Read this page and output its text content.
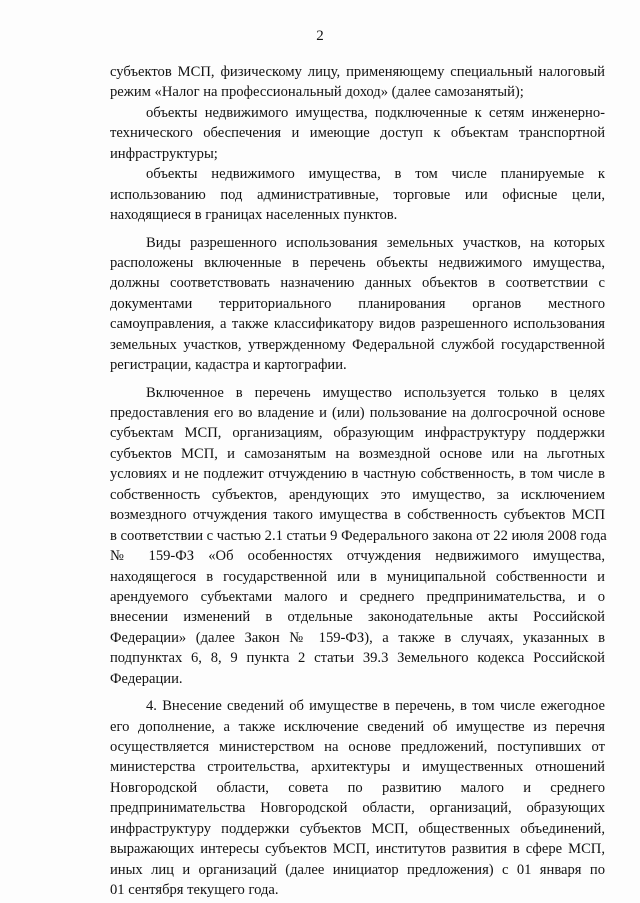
2
субъектов МСП, физическому лицу, применяющему специальный налоговый
режим «Налог на профессиональный доход» (далее самозанятый);
объекты недвижимого имущества, подключенные к сетям инженерно-
технического обеспечения и имеющие доступ к объектам транспортной
инфраструктуры;
объекты недвижимого имущества, в том числе планируемые к
использованию под административные, торговые или офисные цели,
находящиеся в границах населенных пунктов.
Виды разрешенного использования земельных участков, на которых
расположены включенные в перечень объекты недвижимого имущества,
должны соответствовать назначению данных объектов в соответствии с
документами территориального планирования органов местного
самоуправления, а также классификатору видов разрешенного использования
земельных участков, утвержденному Федеральной службой государственной
регистрации, кадастра и картографии.
Включенное в перечень имущество используется только в целях
предоставления его во владение и (или) пользование на долгосрочной основе
субъектам МСП, организациям, образующим инфраструктуру поддержки
субъектов МСП, и самозанятым на возмездной основе или на льготных
условиях и не подлежит отчуждению в частную собственность, в том числе в
собственность субъектов, арендующих это имущество, за исключением
возмездного отчуждения такого имущества в собственность субъектов МСП
в соответствии с частью 2.1 статьи 9 Федерального закона от 22 июля 2008 года
№ 159-ФЗ «Об особенностях отчуждения недвижимого имущества,
находящегося в государственной или в муниципальной собственности и
арендуемого субъектами малого и среднего предпринимательства, и о
внесении изменений в отдельные законодательные акты Российской
Федерации» (далее Закон № 159-ФЗ), а также в случаях, указанных в
подпунктах 6, 8, 9 пункта 2 статьи 39.3 Земельного кодекса Российской
Федерации.
4. Внесение сведений об имуществе в перечень, в том числе ежегодное
его дополнение, а также исключение сведений об имуществе из перечня
осуществляется министерством на основе предложений, поступивших от
министерства строительства, архитектуры и имущественных отношений
Новгородской области, совета по развитию малого и среднего
предпринимательства Новгородской области, организаций, образующих
инфраструктуру поддержки субъектов МСП, общественных объединений,
выражающих интересы субъектов МСП, институтов развития в сфере МСП,
иных лиц и организаций (далее инициатор предложения) с 01 января по
01 сентября текущего года.
